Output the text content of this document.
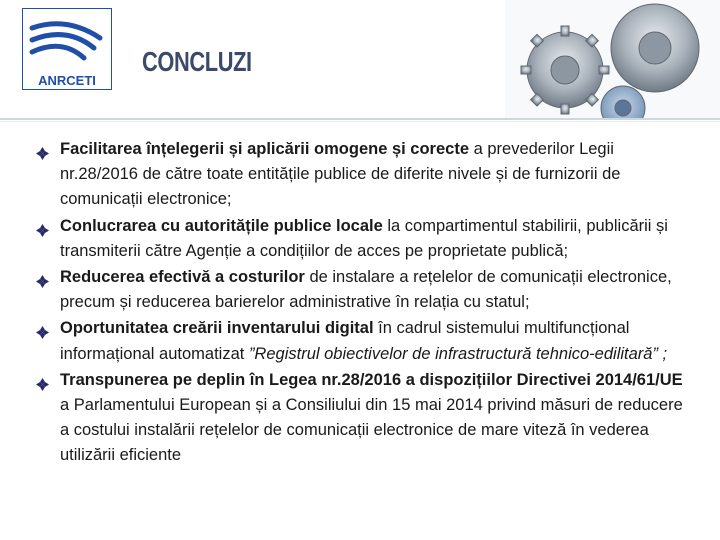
ANRCETI
CONCLUZI
Facilitarea înțelegerii și aplicării omogene și corecte a prevederilor Legii nr.28/2016 de către toate entitățile publice de diferite nivele și de furnizorii de comunicații electronice;
Conlucrarea cu autoritățile publice locale la compartimentul stabilirii, publicării și transmiterii către Agenție a condițiilor de acces pe proprietate publică;
Reducerea efectivă a costurilor de instalare a rețelelor de comunicații electronice, precum și reducerea barierelor administrative în relația cu statul;
Oportunitatea creării inventarului digital în cadrul sistemului multifuncțional informațional automatizat ”Registrul obiectivelor de infrastructură tehnico-edilitară” ;
Transpunerea pe deplin în Legea nr.28/2016 a dispozițiilor Directivei 2014/61/UE a Parlamentului European și a Consiliului din 15 mai 2014 privind măsuri de reducere a costului instalării rețelelor de comunicații electronice de mare viteză în vederea utilizării eficiente
